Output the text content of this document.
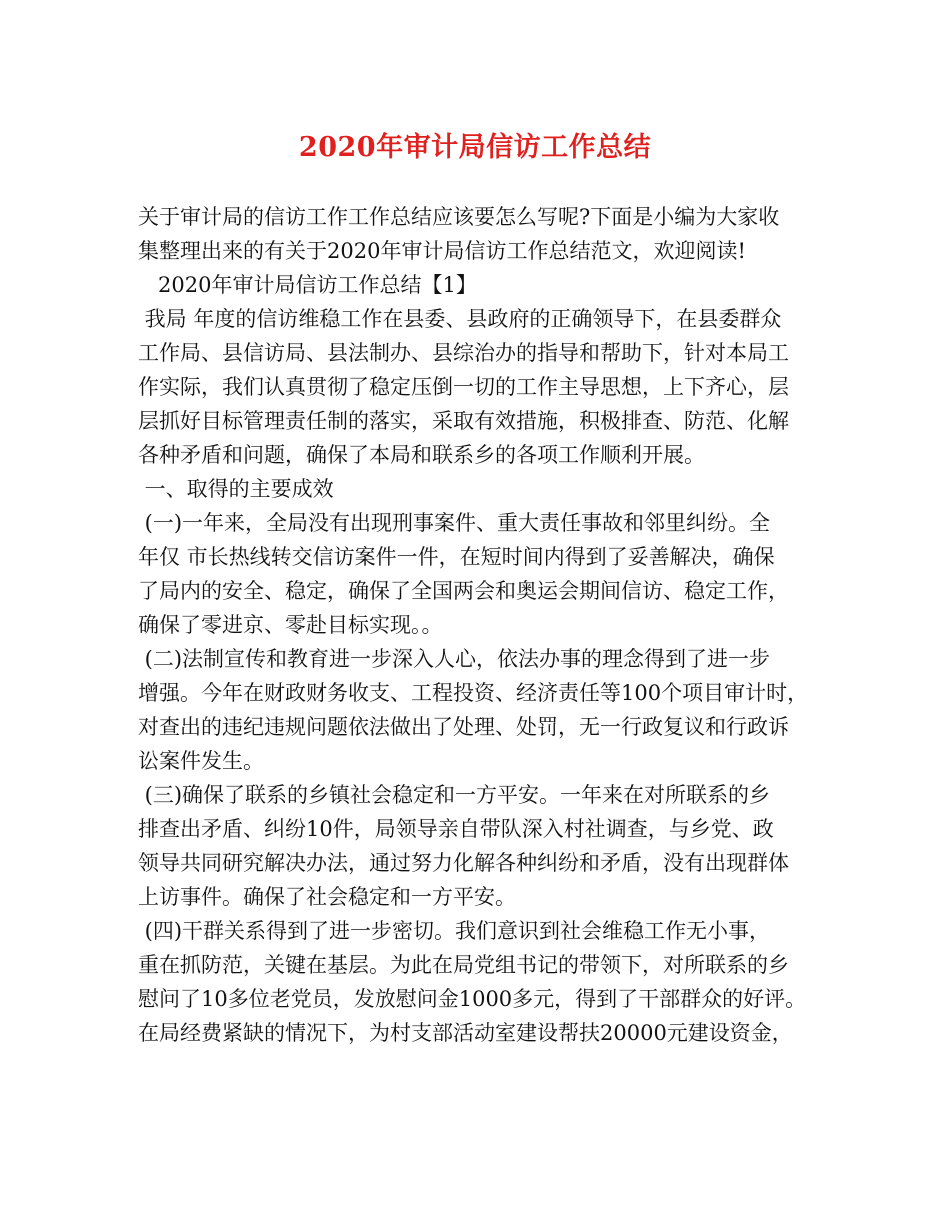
2020年审计局信访工作总结
关于审计局的信访工作工作总结应该要怎么写呢?下面是小编为大家收
集整理出来的有关于2020年审计局信访工作总结范文，欢迎阅读!
2020年审计局信访工作总结【1】
我局 年度的信访维稳工作在县委、县政府的正确领导下，在县委群众
工作局、县信访局、县法制办、县综治办的指导和帮助下，针对本局工
作实际，我们认真贯彻了稳定压倒一切的工作主导思想，上下齐心，层
层抓好目标管理责任制的落实，采取有效措施，积极排查、防范、化解
各种矛盾和问题，确保了本局和联系乡的各项工作顺利开展。
一、取得的主要成效
(一)一年来，全局没有出现刑事案件、重大责任事故和邻里纠纷。全
年仅 市长热线转交信访案件一件，在短时间内得到了妥善解决，确保
了局内的安全、稳定，确保了全国两会和奥运会期间信访、稳定工作，
确保了零进京、零赴目标实现。。
(二)法制宣传和教育进一步深入人心，依法办事的理念得到了进一步
增强。今年在财政财务收支、工程投资、经济责任等100个项目审计时，
对查出的违纪违规问题依法做出了处理、处罚，无一行政复议和行政诉
讼案件发生。
(三)确保了联系的乡镇社会稳定和一方平安。一年来在对所联系的乡
排查出矛盾、纠纷10件，局领导亲自带队深入村社调查，与乡党、政
领导共同研究解决办法，通过努力化解各种纠纷和矛盾，没有出现群体
上访事件。确保了社会稳定和一方平安。
(四)干群关系得到了进一步密切。我们意识到社会维稳工作无小事，
重在抓防范，关键在基层。为此在局党组书记的带领下，对所联系的乡
慰问了10多位老党员，发放慰问金1000多元，得到了干部群众的好评。
在局经费紧缺的情况下，为村支部活动室建设帮扶20000元建设资金，
